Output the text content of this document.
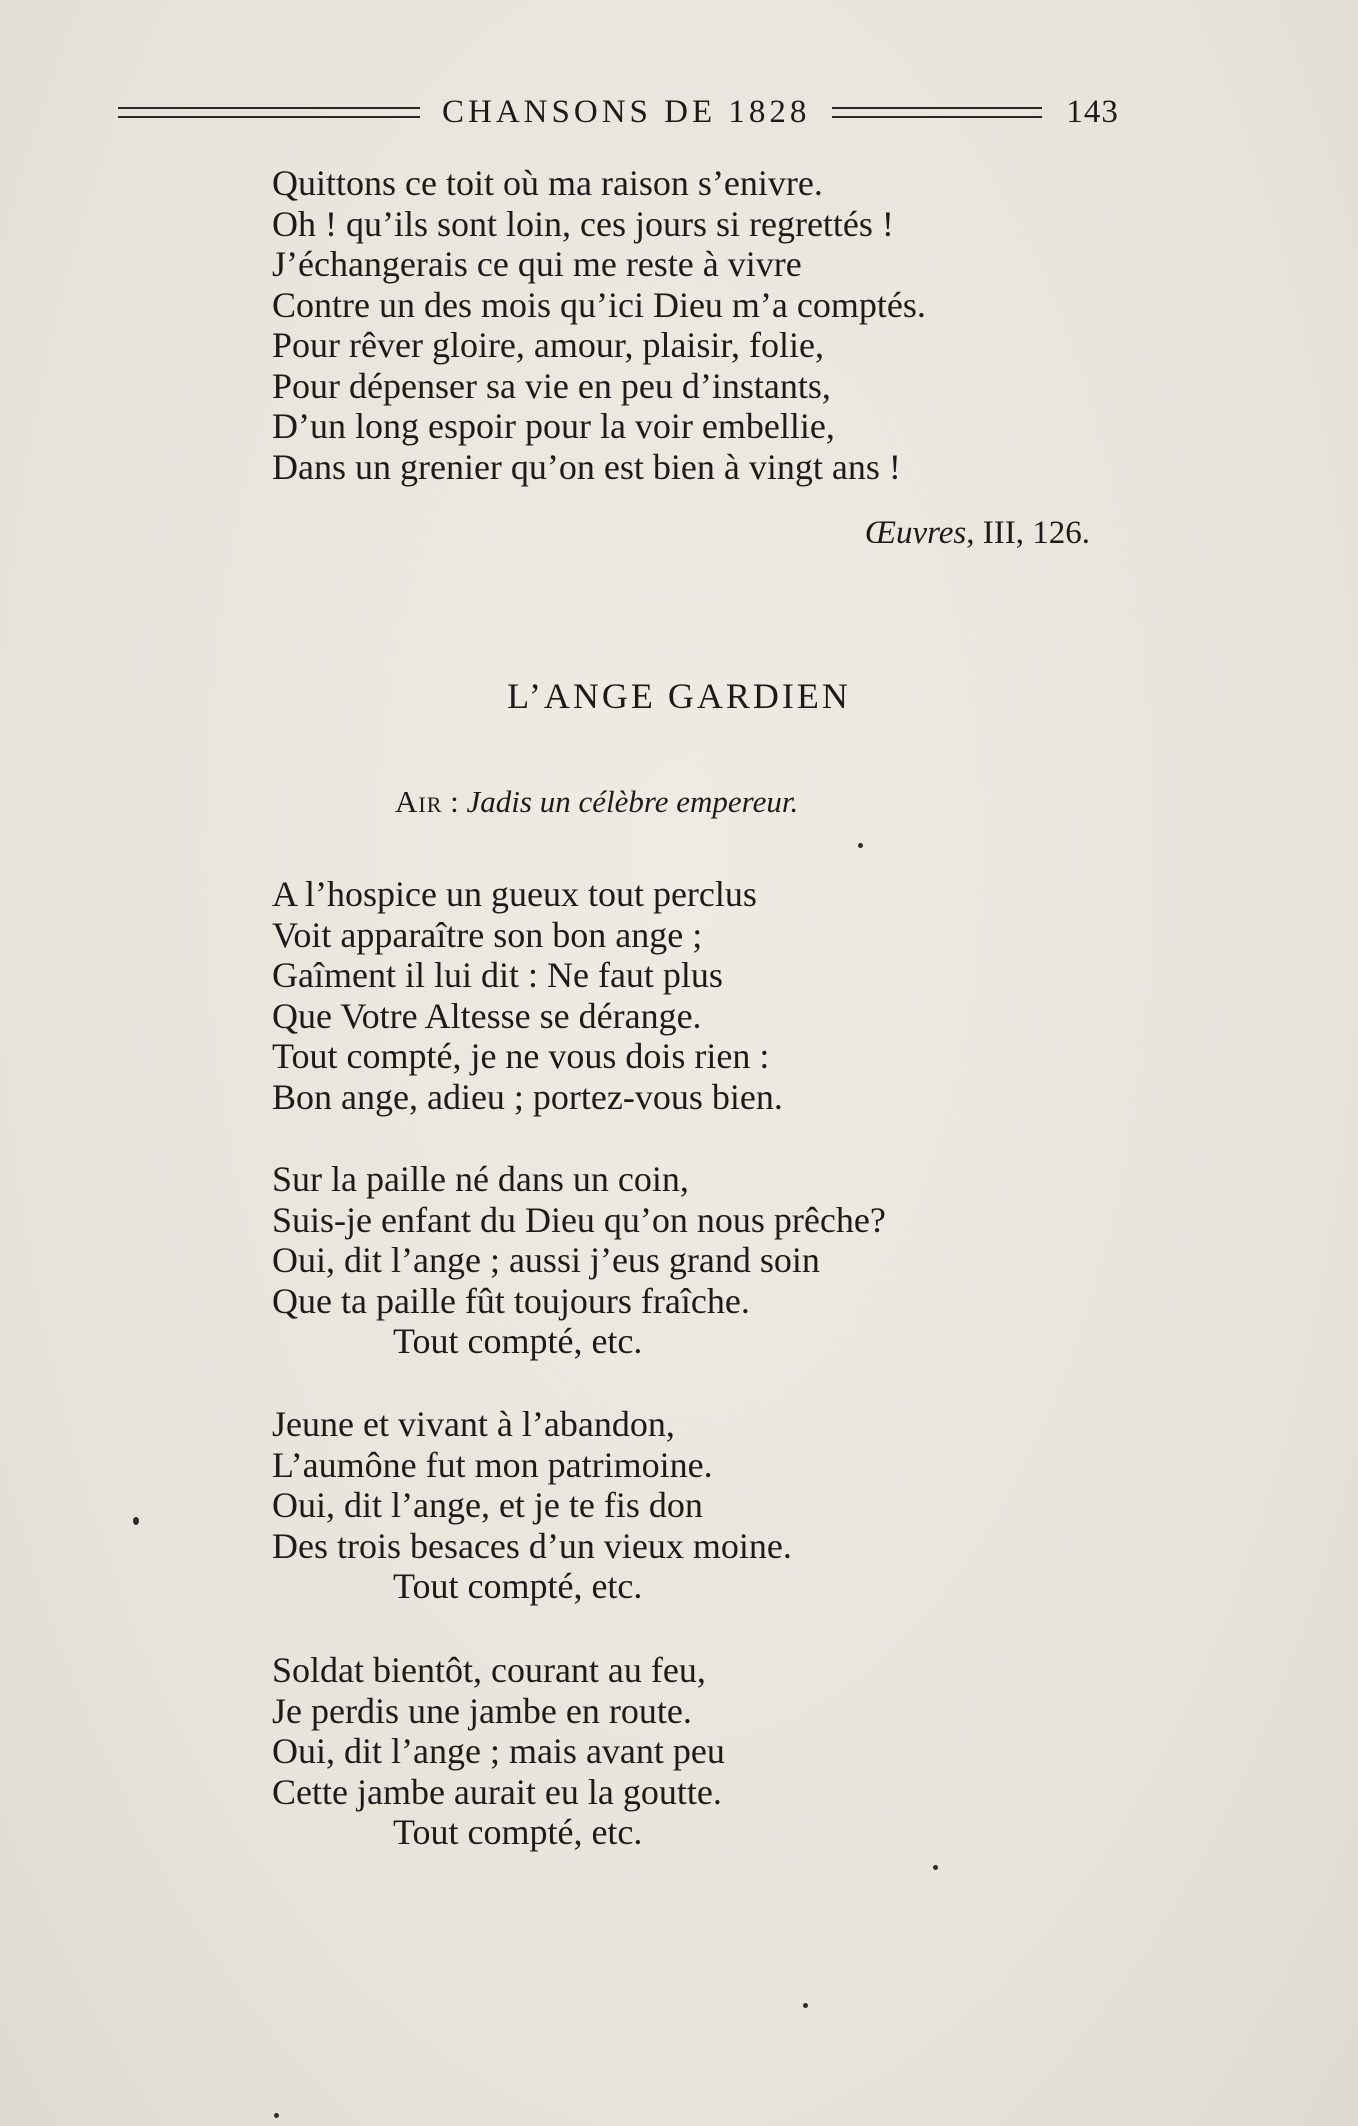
CHANSONS DE 1828	143
Quittons ce toit où ma raison s’enivre.
Oh ! qu’ils sont loin, ces jours si regrettés !
J’échangerais ce qui me reste à vivre
Contre un des mois qu’ici Dieu m’a comptés.
Pour rêver gloire, amour, plaisir, folie,
Pour dépenser sa vie en peu d’instants,
D’un long espoir pour la voir embellie,
Dans un grenier qu’on est bien à vingt ans !
Œuvres, III, 126.
L’ANGE GARDIEN
Air : Jadis un célèbre empereur.
A l’hospice un gueux tout perclus
Voit apparaître son bon ange ;
Gaîment il lui dit : Ne faut plus
Que Votre Altesse se dérange.
Tout compté, je ne vous dois rien :
Bon ange, adieu ; portez-vous bien.
Sur la paille né dans un coin,
Suis-je enfant du Dieu qu’on nous prêche?
Oui, dit l’ange ; aussi j’eus grand soin
Que ta paille fût toujours fraîche.
Tout compté, etc.
Jeune et vivant à l’abandon,
L’aumône fut mon patrimoine.
Oui, dit l’ange, et je te fis don
Des trois besaces d’un vieux moine.
Tout compté, etc.
Soldat bientôt, courant au feu,
Je perdis une jambe en route.
Oui, dit l’ange ; mais avant peu
Cette jambe aurait eu la goutte.
Tout compté, etc.
